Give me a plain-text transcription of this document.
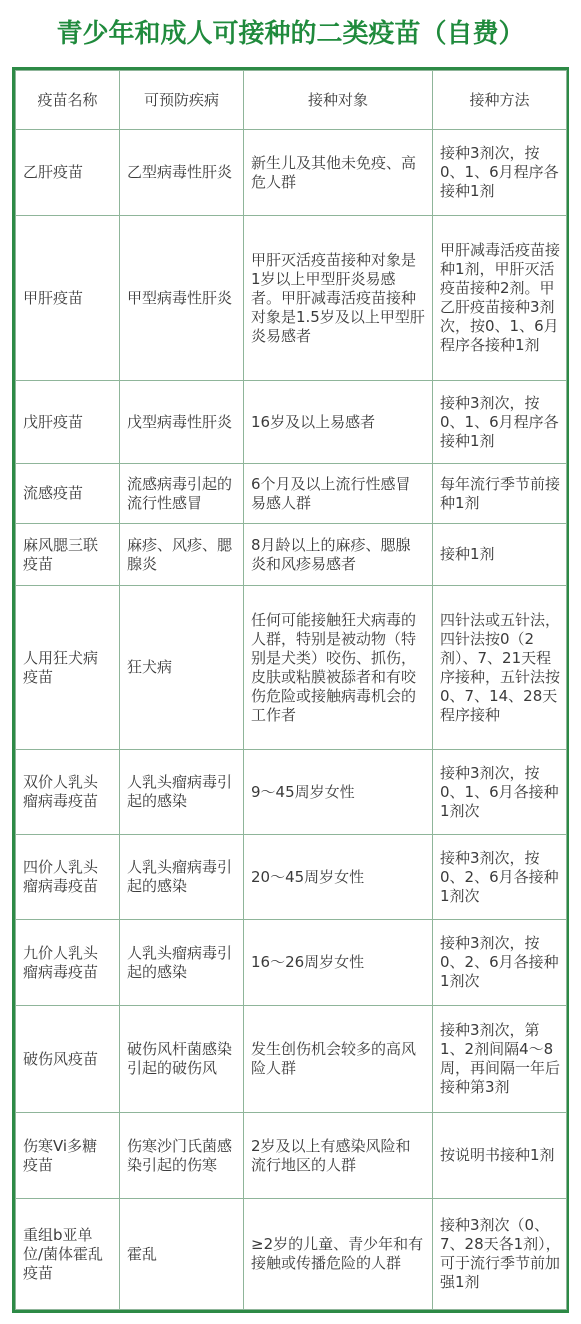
青少年和成人可接种的二类疫苗（自费）
疫苗名称	可预防疾病	接种对象	接种方法
乙肝疫苗	乙型病毒性肝炎	新生儿及其他未免疫、高危人群	接种3剂次，按0、1、6月程序各接种1剂
甲肝疫苗	甲型病毒性肝炎	甲肝灭活疫苗接种对象是1岁以上甲型肝炎易感者。甲肝减毒活疫苗接种对象是1.5岁及以上甲型肝炎易感者	甲肝减毒活疫苗接种1剂，甲肝灭活疫苗接种2剂。甲乙肝疫苗接种3剂次，按0、1、6月程序各接种1剂
戊肝疫苗	戊型病毒性肝炎	16岁及以上易感者	接种3剂次，按0、1、6月程序各接种1剂
流感疫苗	流感病毒引起的流行性感冒	6个月及以上流行性感冒易感人群	每年流行季节前接种1剂
麻风腮三联疫苗	麻疹、风疹、腮腺炎	8月龄以上的麻疹、腮腺炎和风疹易感者	接种1剂
人用狂犬病疫苗	狂犬病	任何可能接触狂犬病毒的人群，特别是被动物（特别是犬类）咬伤、抓伤，皮肤或粘膜被舔者和有咬伤危险或接触病毒机会的工作者	四针法或五针法，四针法按0（2剂）、7、21天程序接种，五针法按0、7、14、28天程序接种
双价人乳头瘤病毒疫苗	人乳头瘤病毒引起的感染	9～45周岁女性	接种3剂次，按0、1、6月各接种1剂次
四价人乳头瘤病毒疫苗	人乳头瘤病毒引起的感染	20～45周岁女性	接种3剂次，按0、2、6月各接种1剂次
九价人乳头瘤病毒疫苗	人乳头瘤病毒引起的感染	16～26周岁女性	接种3剂次，按0、2、6月各接种1剂次
破伤风疫苗	破伤风杆菌感染引起的破伤风	发生创伤机会较多的高风险人群	接种3剂次，第1、2剂间隔4～8周，再间隔一年后接种第3剂
伤寒Vi多糖疫苗	伤寒沙门氏菌感染引起的伤寒	2岁及以上有感染风险和流行地区的人群	按说明书接种1剂
重组b亚单位/菌体霍乱疫苗	霍乱	≥2岁的儿童、青少年和有接触或传播危险的人群	接种3剂次（0、7、28天各1剂），可于流行季节前加强1剂
